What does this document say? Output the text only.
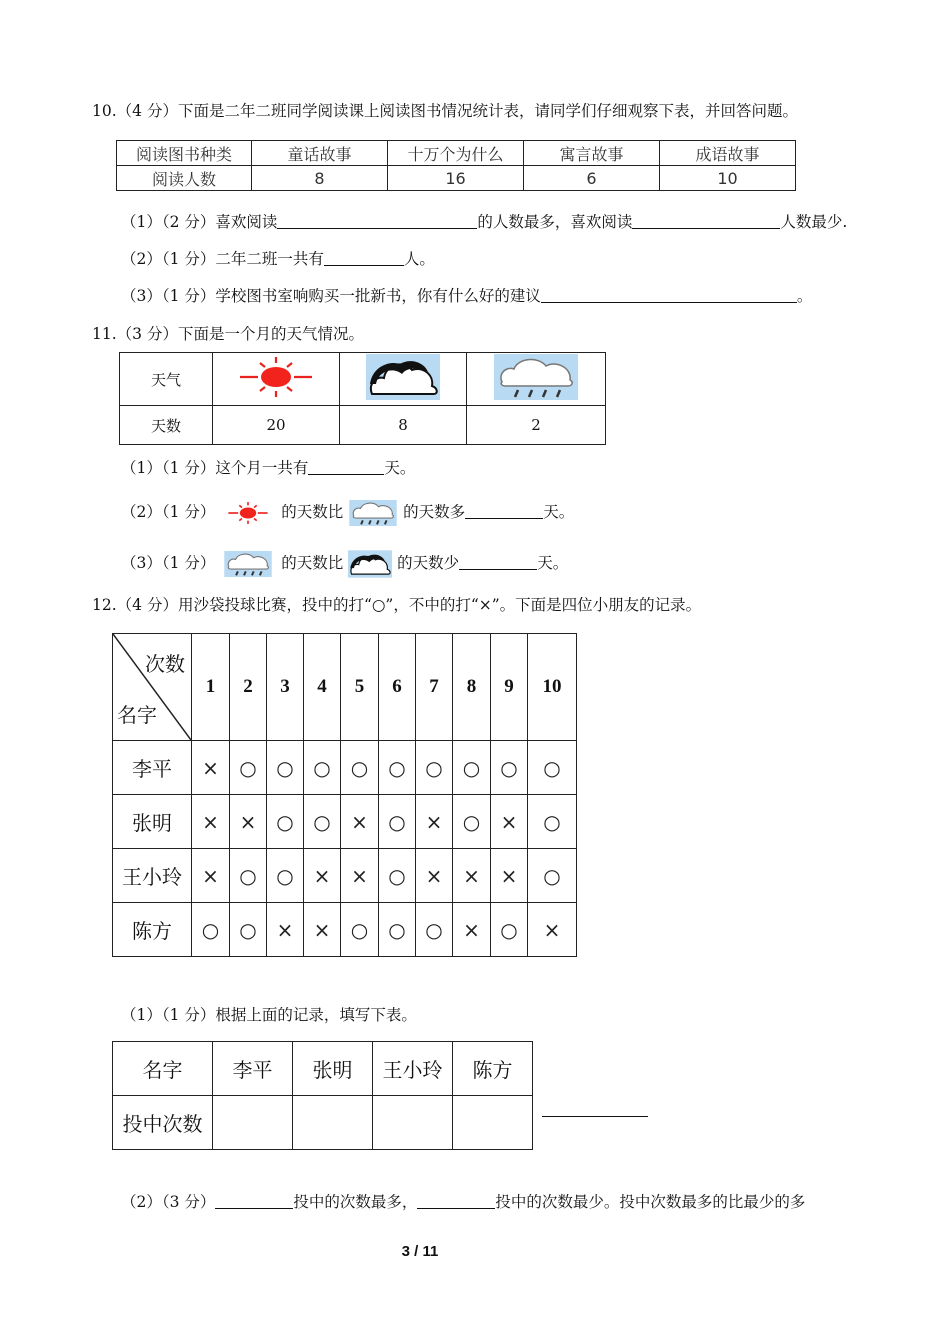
10.（4 分）下面是二年二班同学阅读课上阅读图书情况统计表，请同学们仔细观察下表，并回答问题。
阅读图书种类	童话故事	十万个为什么	寓言故事	成语故事
阅读人数	8	16	6	10
（1）（2 分）喜欢阅读	的人数最多，喜欢阅读	人数最少.
（2）（1 分）二年二班一共有	人。
（3）（1 分）学校图书室响购买一批新书，你有什么好的建议	。
11.（3 分）下面是一个月的天气情况。
天气			
天数	20	8	2
（1）（1 分）这个月一共有	天。
（2）（1 分）	的天数比	的天数多	天。
（3）（1 分）	的天数比	的天数少	天。
12.（4 分）用沙袋投球比赛，投中的打“○”，不中的打“×”。下面是四位小朋友的记录。
次数
名字	1	2	3	4	5	6	7	8	9	10
李平	×	○	○	○	○	○	○	○	○	○
张明	×	×	○	○	×	○	×	○	×	○
王小玲	×	○	○	×	×	○	×	×	×	○
陈方	○	○	×	×	○	○	○	×	○	×
（1）（1 分）根据上面的记录，填写下表。
名字	李平	张明	王小玲	陈方
投中次数				
（2）（3 分）	投中的次数最多，	投中的次数最少。投中次数最多的比最少的多
3 / 11
